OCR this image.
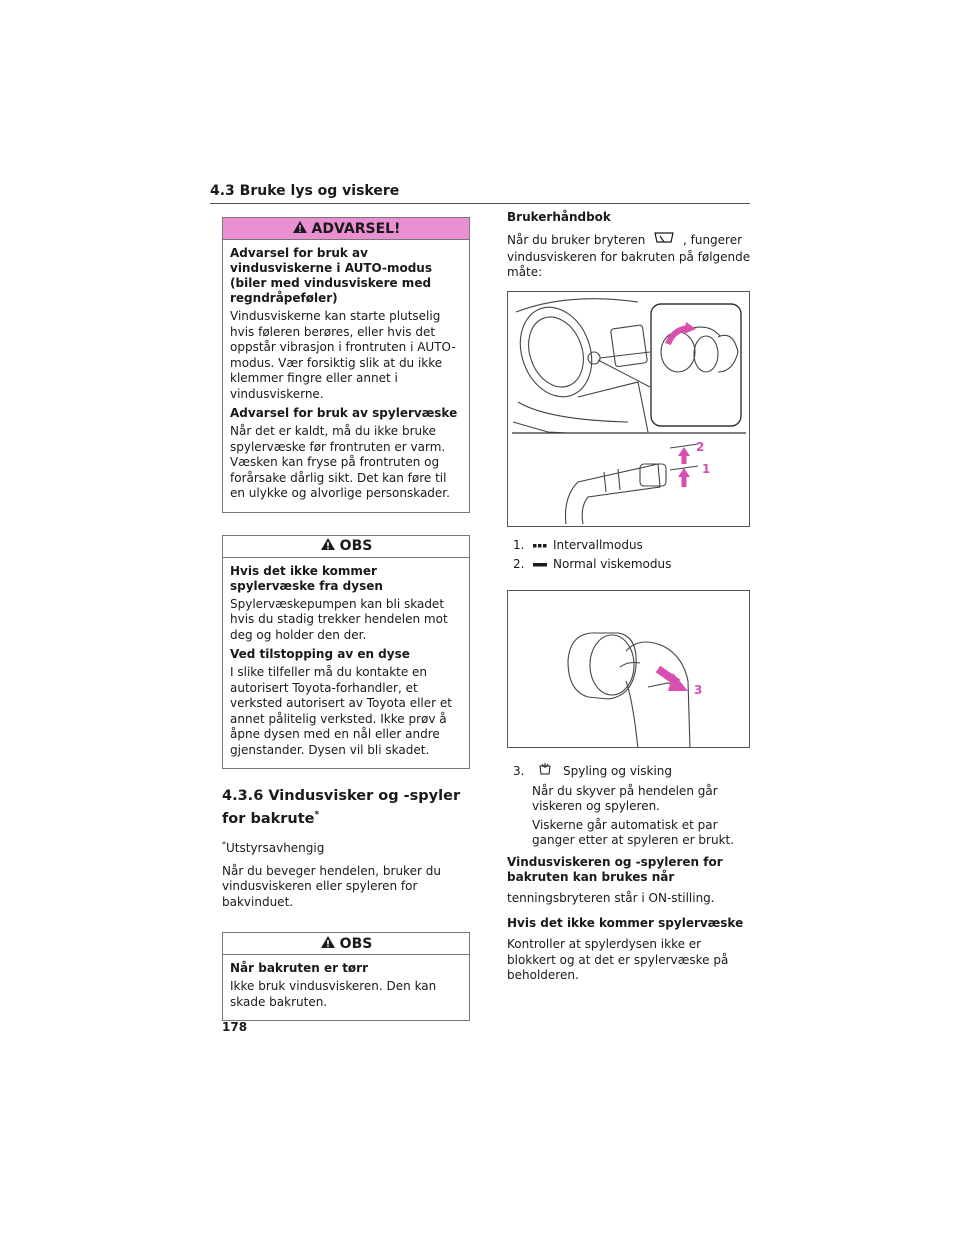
4.3 Bruke lys og viskere
ADVARSEL!
Advarsel for bruk av vindusviskerne i AUTO-modus (biler med vindusviskere med regndråpeføler)

Vindusviskerne kan starte plutselig hvis føleren berøres, eller hvis det oppstår vibrasjon i frontruten i AUTO-modus. Vær forsiktig slik at du ikke klemmer fingre eller annet i vindusviskerne.

Advarsel for bruk av spylervæske

Når det er kaldt, må du ikke bruke spylervæske før frontruten er varm. Væsken kan fryse på frontruten og forårsake dårlig sikt. Det kan føre til en ulykke og alvorlige personskader.

OBS
Hvis det ikke kommer spylervæske fra dysen

Spylervæskepumpen kan bli skadet hvis du stadig trekker hendelen mot deg og holder den der.

Ved tilstopping av en dyse

I slike tilfeller må du kontakte en autorisert Toyota-forhandler, et verksted autorisert av Toyota eller et annet pålitelig verksted. Ikke prøv å åpne dysen med en nål eller andre gjenstander. Dysen vil bli skadet.

4.3.6 Vindusvisker og -spyler for bakrute*
*Utstyrsavhengig
Når du beveger hendelen, bruker du vindusviskeren eller spyleren for bakvinduet.
OBS
Når bakruten er tørr

Ikke bruk vindusviskeren. Den kan skade bakruten.

Brukerhåndbok
Når du bruker bryteren	, fungerer vindusviskeren for bakruten på følgende måte:
2
1
1. Intervallmodus
2. Normal viskemodus
3
3.	Spyling og visking
Når du skyver på hendelen går viskeren og spyleren.
Viskerne går automatisk et par ganger etter at spyleren er brukt.
Vindusviskeren og -spyleren for bakruten kan brukes når
tenningsbryteren står i ON-stilling.
Hvis det ikke kommer spylervæske
Kontroller at spylerdysen ikke er blokkert og at det er spylervæske på beholderen.
178
